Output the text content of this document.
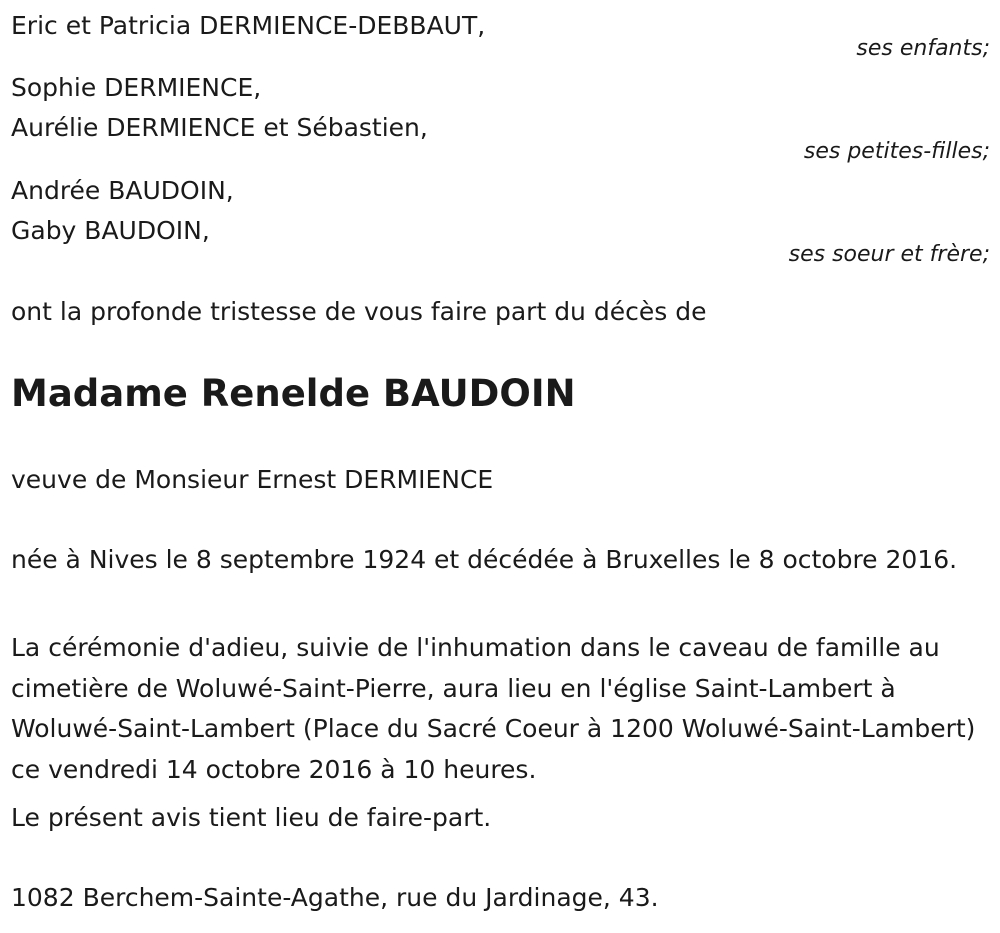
Eric et Patricia DERMIENCE-DEBBAUT,
ses enfants;
Sophie DERMIENCE,
Aurélie DERMIENCE et Sébastien,
ses petites-filles;
Andrée BAUDOIN,
Gaby BAUDOIN,
ses soeur et frère;
ont la profonde tristesse de vous faire part du décès de
Madame Renelde BAUDOIN
veuve de Monsieur Ernest DERMIENCE
née à Nives le 8 septembre 1924 et décédée à Bruxelles le 8 octobre 2016.
La cérémonie d'adieu, suivie de l'inhumation dans le caveau de famille au cimetière de Woluwé-Saint-Pierre, aura lieu en l'église Saint-Lambert à Woluwé-Saint-Lambert (Place du Sacré Coeur à 1200 Woluwé-Saint-Lambert) ce vendredi 14 octobre 2016 à 10 heures.
Le présent avis tient lieu de faire-part.
1082 Berchem-Sainte-Agathe, rue du Jardinage, 43.
